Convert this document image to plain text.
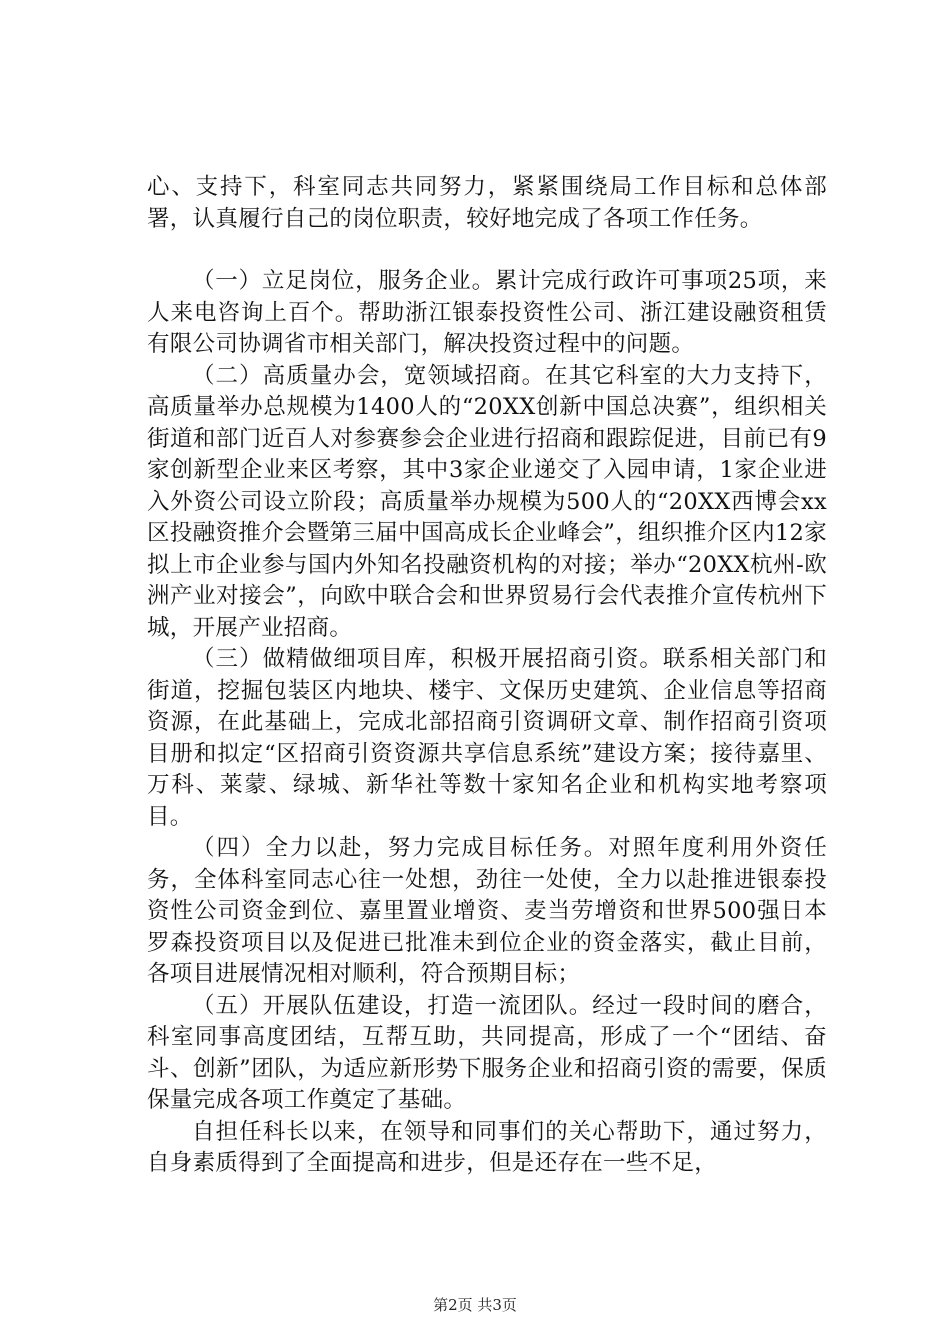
心、支持下，科室同志共同努力，紧紧围绕局工作目标和总体部署，认真履行自己的岗位职责，较好地完成了各项工作任务。

（一）立足岗位，服务企业。累计完成行政许可事项25项，来人来电咨询上百个。帮助浙江银泰投资性公司、浙江建设融资租赁有限公司协调省市相关部门，解决投资过程中的问题。

（二）高质量办会，宽领域招商。在其它科室的大力支持下，高质量举办总规模为1400人的“20XX创新中国总决赛”，组织相关街道和部门近百人对参赛参会企业进行招商和跟踪促进，目前已有9家创新型企业来区考察，其中3家企业递交了入园申请，1家企业进入外资公司设立阶段；高质量举办规模为500人的“20XX西博会xx区投融资推介会暨第三届中国高成长企业峰会”，组织推介区内12家拟上市企业参与国内外知名投融资机构的对接；举办“20XX杭州-欧洲产业对接会”，向欧中联合会和世界贸易行会代表推介宣传杭州下城，开展产业招商。

（三）做精做细项目库，积极开展招商引资。联系相关部门和街道，挖掘包装区内地块、楼宇、文保历史建筑、企业信息等招商资源，在此基础上，完成北部招商引资调研文章、制作招商引资项目册和拟定“区招商引资资源共享信息系统”建设方案；接待嘉里、万科、莱蒙、绿城、新华社等数十家知名企业和机构实地考察项目。

（四）全力以赴，努力完成目标任务。对照年度利用外资任务，全体科室同志心往一处想，劲往一处使，全力以赴推进银泰投资性公司资金到位、嘉里置业增资、麦当劳增资和世界500强日本罗森投资项目以及促进已批准未到位企业的资金落实，截止目前，各项目进展情况相对顺利，符合预期目标；

（五）开展队伍建设，打造一流团队。经过一段时间的磨合，科室同事高度团结，互帮互助，共同提高，形成了一个“团结、奋斗、创新”团队，为适应新形势下服务企业和招商引资的需要，保质保量完成各项工作奠定了基础。

自担任科长以来，在领导和同事们的关心帮助下，通过努力，自身素质得到了全面提高和进步，但是还存在一些不足，

第2页 共3页
